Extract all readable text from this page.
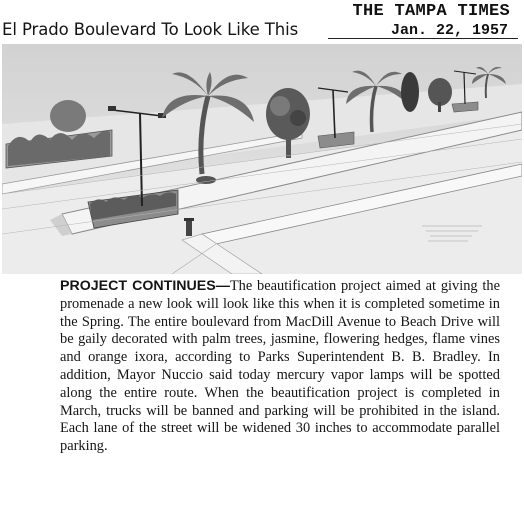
El Prado Boulevard To Look Like This
THE TAMPA TIMES
Jan. 22, 1957
PROJECT CONTINUES—The beautification project aimed at giving the promenade a new look will look like this when it is completed sometime in the Spring. The entire boulevard from MacDill Avenue to Beach Drive will be gaily decorated with palm trees, jasmine, flowering hedges, flame vines and orange ixora, according to Parks Superintendent B. B. Bradley. In addition, Mayor Nuccio said today mercury vapor lamps will be spotted along the entire route. When the beautification project is completed in March, trucks will be banned and parking will be prohibited in the island. Each lane of the street will be widened 30 inches to accommodate parallel parking.
